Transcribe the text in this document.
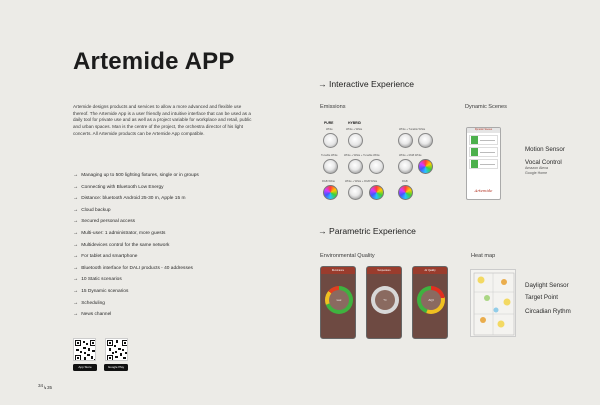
Artemide APP
Artemide designs products and services to allow a more advanced and flexible use thereof. The Artemide App is a user friendly and intuitive interface that can be used as a daily tool for private use and as well as a project variable for workplace and retail, public and urban spaces. Man is the centre of the project, the orchestra director of his light concerts. All Artemide products can be Artemide App compatible.
→ Managing up to 500 lighting fixtures, single or in groups
→ Connecting with Bluetooth Low Energy
→ Distance: bluetooth Android 25-30 m, Apple 15 m
→ Cloud backup
→ Secured personal access
→ Multi-user: 1 administrator, more guests
→ Multidevices control for the same network
→ For tablet and smartphone
→ Bluetooth interface for DALI products - 40 addresses
→ 10 Static scenarios
→ 15 Dynamic scenarios
→ Scheduling
→ News channel
App Store	Google Play
34↳35
→ Interactive Experience
Emissions	Dynamic Scenes
PURE	HYBRID
White	White + White	White + Tunable White
Tunable White White + White + Tunable White	White + RGB White
RGB White	White + White + RGB White	RGB
Dynamic Scenes
Artemide
Motion Sensor
Vocal Control
Amazon Alexa
Google Home
→ Parametric Experience
Environmental Quality	Heat map
Illuminance
Lux
Temperature
°C
Air Quality
AQI
Daylight Sensor
Target Point
Circadian Rythm
